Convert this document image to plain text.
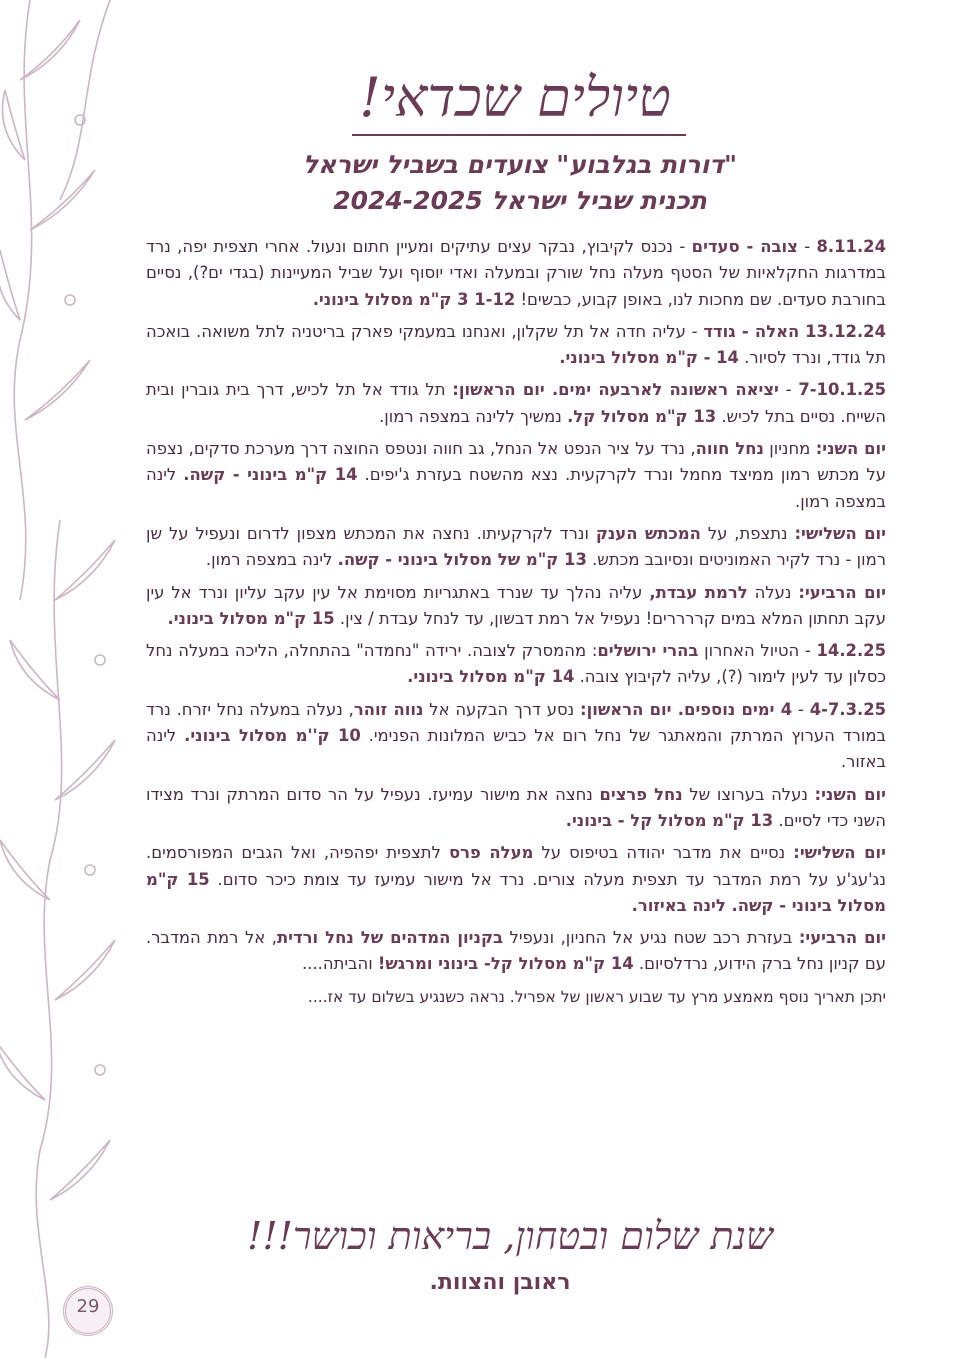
טיולים שכדאי!
"דורות בגלבוע" צועדים בשביל ישראל
תכנית שביל ישראל 2024-2025

8.11.24 - צובה - סעדים - נכנס לקיבוץ, נבקר עצים עתיקים ומעיין חתום ונעול. אחרי תצפית יפה, נרד במדרגות החקלאיות של הסטף מעלה נחל שורק ובמעלה ואדי יוסוף ועל שביל המעיינות (בגדי ים?), נסיים בחורבת סעדים. שם מחכות לנו, באופן קבוע, כבשים! 1-12 3 ק"מ מסלול בינוני.

13.12.24 האלה - גודד - עליה חדה אל תל שקלון, ואנחנו במעמקי פארק בריטניה לתל משואה. בואכה תל גודד, ונרד לסיור. 14 - ק"מ מסלול בינוני.

7-10.1.25 - יציאה ראשונה לארבעה ימים. יום הראשון: תל גודד אל תל לכיש, דרך בית גוברין ובית השייח. נסיים בתל לכיש. 13 ק"מ מסלול קל. נמשיך ללינה במצפה רמון.

יום השני: מחניון נחל חווה, נרד על ציר הנפט אל הנחל, גב חווה ונטפס החוצה דרך מערכת סדקים, נצפה על מכתש רמון ממיצד מחמל ונרד לקרקעית. נצא מהשטח בעזרת ג'יפים. 14 ק"מ בינוני - קשה. לינה במצפה רמון.

יום השלישי: נתצפת, על המכתש הענק ונרד לקרקעיתו. נחצה את המכתש מצפון לדרום ונעפיל על שן רמון - נרד לקיר האמוניטים ונסיובב מכתש. 13 ק"מ של מסלול בינוני - קשה. לינה במצפה רמון.

יום הרביעי: נעלה לרמת עבדת, עליה נהלך עד שנרד באתגריות מסוימת אל עין עקב עליון ונרד אל עין עקב תחתון המלא במים קררררים! נעפיל אל רמת דבשון, עד לנחל עבדת / צין. 15 ק"מ מסלול בינוני.

14.2.25 - הטיול האחרון בהרי ירושלים: מהמסרק לצובה. ירידה "נחמדה" בהתחלה, הליכה במעלה נחל כסלון עד לעין לימור (?), עליה לקיבוץ צובה. 14 ק"מ מסלול בינוני.

4-7.3.25 - 4 ימים נוספים. יום הראשון: נסע דרך הבקעה אל נווה זוהר, נעלה במעלה נחל יזרח. נרד במורד הערוץ המרתק והמאתגר של נחל רום אל כביש המלונות הפנימי. 10 ק''מ מסלול בינוני. לינה באזור.

יום השני: נעלה בערוצו של נחל פרצים נחצה את מישור עמיעז. נעפיל על הר סדום המרתק ונרד מצידו השני כדי לסיים. 13 ק"מ מסלול קל - בינוני.

יום השלישי: נסיים את מדבר יהודה בטיפוס על מעלה פרס לתצפית יפהפיה, ואל הגבים המפורסמים. נג'עג'ע על רמת המדבר עד תצפית מעלה צורים. נרד אל מישור עמיעז עד צומת כיכר סדום. 15 ק"מ מסלול בינוני - קשה. לינה באיזור.

יום הרביעי: בעזרת רכב שטח נגיע אל החניון, ונעפיל בקניון המדהים של נחל ורדית, אל רמת המדבר. עם קניון נחל ברק הידוע, נרדלסיום. 14 ק"מ מסלול קל- בינוני ומרגש! והביתה....

יתכן תאריך נוסף מאמצע מרץ עד שבוע ראשון של אפריל. נראה כשנגיע בשלום עד אז....

שנת שלום ובטחון, בריאות וכושר!!!
ראובן והצוות.
29
